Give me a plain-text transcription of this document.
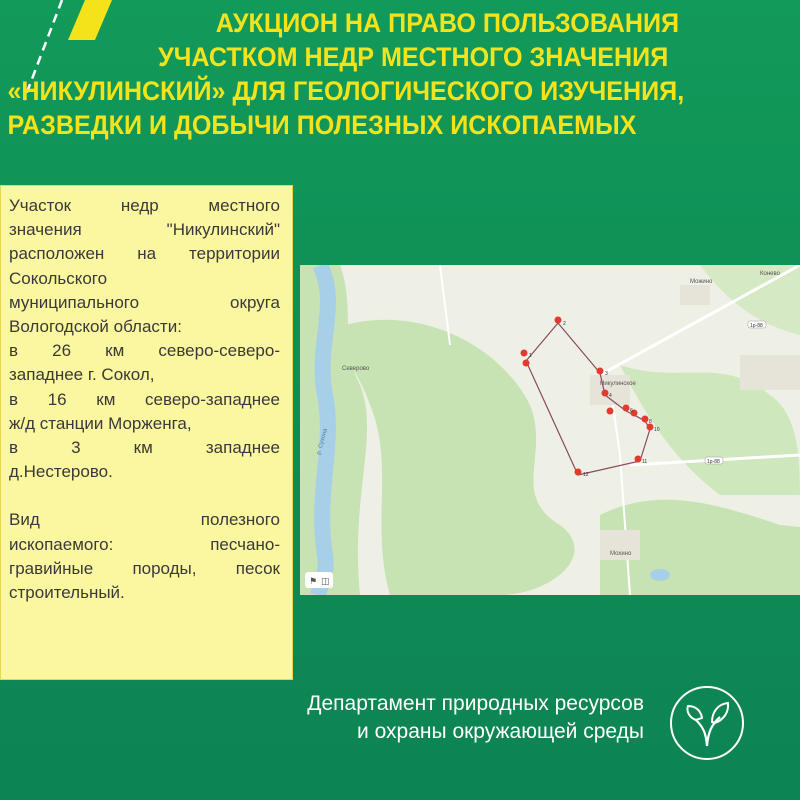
АУКЦИОН НА ПРАВО ПОЛЬЗОВАНИЯ
УЧАСТКОМ НЕДР МЕСТНОГО ЗНАЧЕНИЯ
«НИКУЛИНСКИЙ» ДЛЯ ГЕОЛОГИЧЕСКОГО ИЗУЧЕНИЯ,
РАЗВЕДКИ И ДОБЫЧИ ПОЛЕЗНЫХ ИСКОПАЕМЫХ

Участок недр местного

значения "Никулинский"

расположен на территории

Сокольского

муниципального округа

Вологодской области:

в 26 км северо-северо-

западнее г. Сокол,

в 16 км северо-западнее

ж/д станции Морженга,

в 3 км западнее

д.Нестерово.

Вид полезного

ископаемого: песчано-

гравийные породы, песок

строительный.

Северово
Никулинское
Можино
Мохино
Конево
р. Сухона
1р-88
1р-88
2
1
3
4
6
8
10
11
12
⚑ ◫
Департамент природных ресурсов
и охраны окружающей среды
